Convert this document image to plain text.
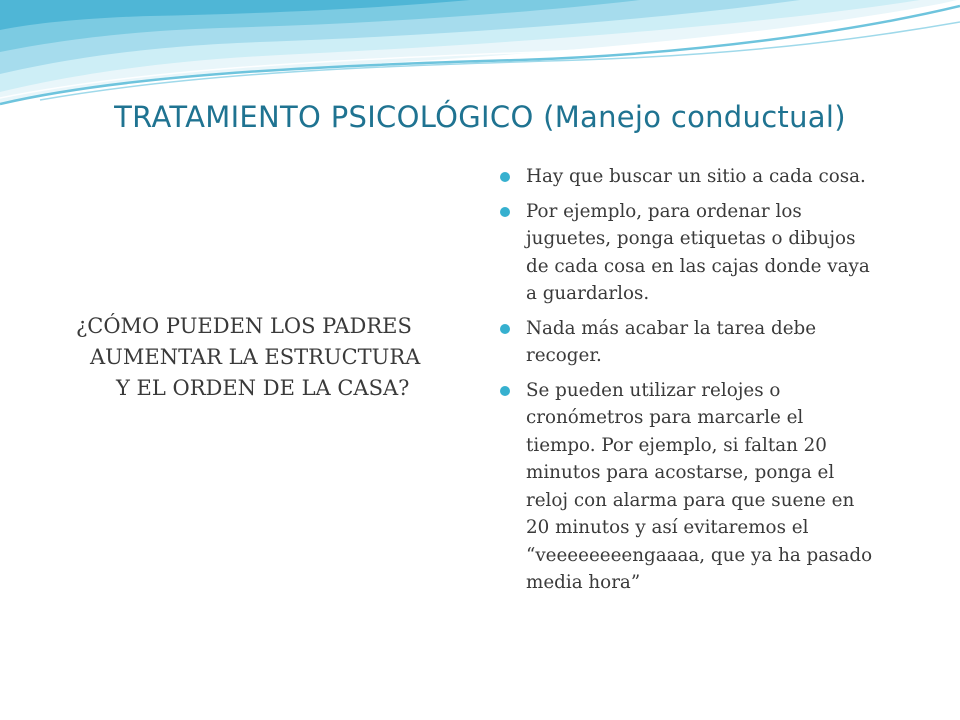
TRATAMIENTO PSICOLÓGICO (Manejo conductual)
¿CÓMO PUEDEN LOS PADRES
AUMENTAR LA ESTRUCTURA
Y EL ORDEN DE LA CASA?
Hay que buscar un sitio a cada cosa.
Por ejemplo, para ordenar los
juguetes, ponga etiquetas o dibujos
de cada cosa en las cajas donde vaya
a guardarlos.
Nada más acabar la tarea debe
recoger.
Se pueden utilizar relojes o
cronómetros para marcarle el
tiempo. Por ejemplo, si faltan 20
minutos para acostarse, ponga el
reloj con alarma para que suene en
20 minutos y así evitaremos el
“veeeeeeeengaaaa, que ya ha pasado
media hora”
